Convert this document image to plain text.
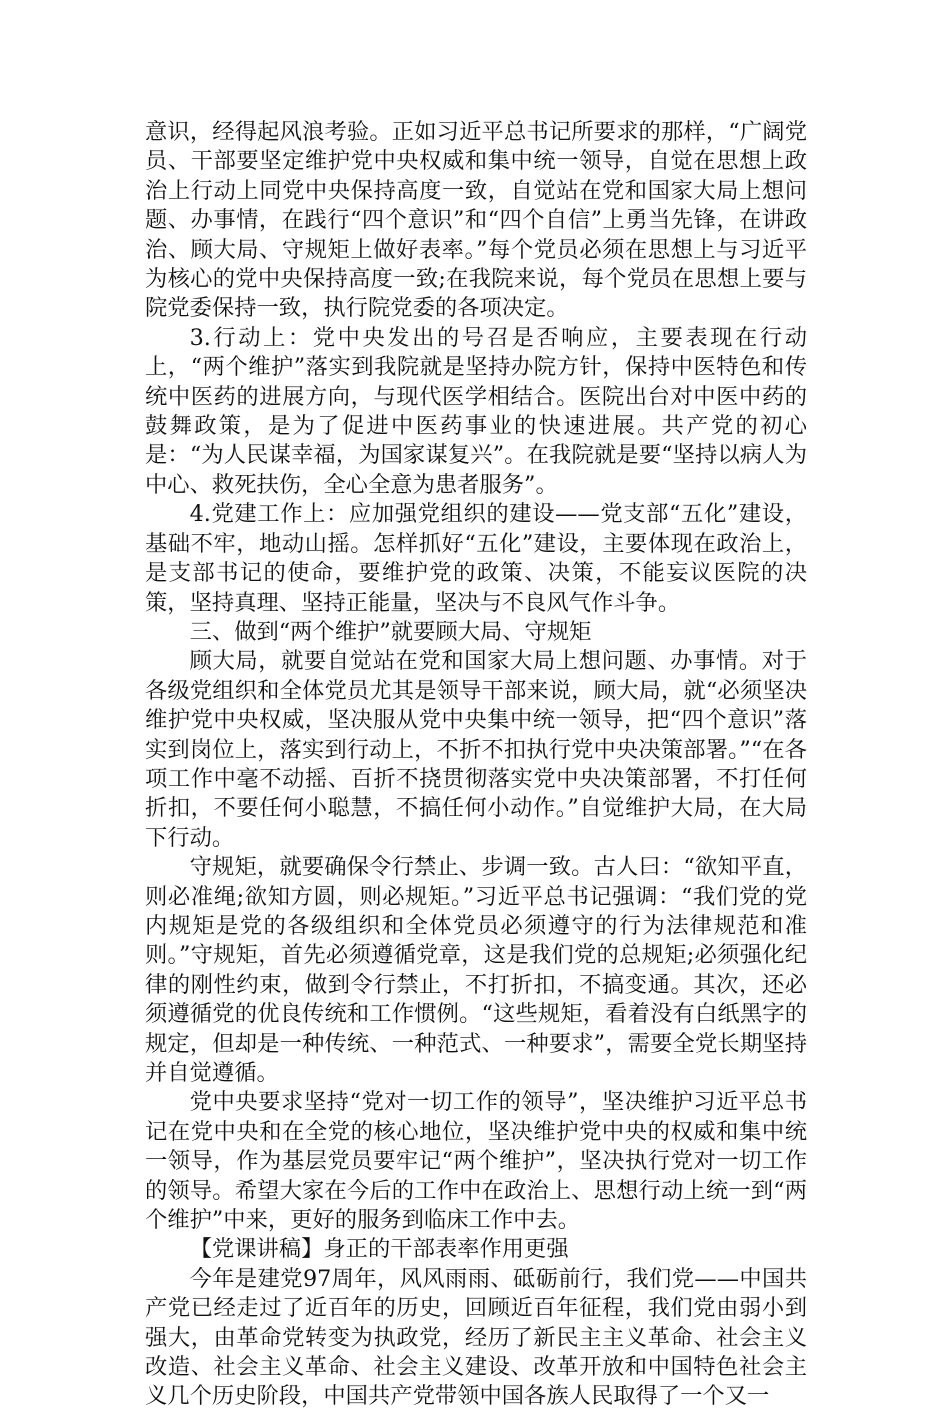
意识，经得起风浪考验。正如习近平总书记所要求的那样，“广阔党员、干部要坚定维护党中央权威和集中统一领导，自觉在思想上政治上行动上同党中央保持高度一致，自觉站在党和国家大局上想问题、办事情，在践行“四个意识”和“四个自信”上勇当先锋，在讲政治、顾大局、守规矩上做好表率。”每个党员必须在思想上与习近平为核心的党中央保持高度一致;在我院来说，每个党员在思想上要与院党委保持一致，执行院党委的各项决定。

3.行动上：党中央发出的号召是否响应，主要表现在行动上，“两个维护”落实到我院就是坚持办院方针，保持中医特色和传统中医药的进展方向，与现代医学相结合。医院出台对中医中药的鼓舞政策，是为了促进中医药事业的快速进展。共产党的初心是：“为人民谋幸福，为国家谋复兴”。在我院就是要“坚持以病人为中心、救死扶伤，全心全意为患者服务”。

4.党建工作上：应加强党组织的建设——党支部“五化”建设，基础不牢，地动山摇。怎样抓好“五化”建设，主要体现在政治上，是支部书记的使命，要维护党的政策、决策，不能妄议医院的决策，坚持真理、坚持正能量，坚决与不良风气作斗争。

三、做到“两个维护”就要顾大局、守规矩

顾大局，就要自觉站在党和国家大局上想问题、办事情。对于各级党组织和全体党员尤其是领导干部来说，顾大局，就“必须坚决维护党中央权威，坚决服从党中央集中统一领导，把“四个意识”落实到岗位上，落实到行动上，不折不扣执行党中央决策部署。”“在各项工作中毫不动摇、百折不挠贯彻落实党中央决策部署，不打任何折扣，不要任何小聪慧，不搞任何小动作。”自觉维护大局，在大局下行动。

守规矩，就要确保令行禁止、步调一致。古人曰：“欲知平直，则必准绳;欲知方圆，则必规矩。”习近平总书记强调：“我们党的党内规矩是党的各级组织和全体党员必须遵守的行为法律规范和准则。”守规矩，首先必须遵循党章，这是我们党的总规矩;必须强化纪律的刚性约束，做到令行禁止，不打折扣，不搞变通。其次，还必须遵循党的优良传统和工作惯例。“这些规矩，看着没有白纸黑字的规定，但却是一种传统、一种范式、一种要求”，需要全党长期坚持并自觉遵循。

党中央要求坚持“党对一切工作的领导”，坚决维护习近平总书记在党中央和在全党的核心地位，坚决维护党中央的权威和集中统一领导，作为基层党员要牢记“两个维护”，坚决执行党对一切工作的领导。希望大家在今后的工作中在政治上、思想行动上统一到“两个维护”中来，更好的服务到临床工作中去。

【党课讲稿】身正的干部表率作用更强

今年是建党97周年，风风雨雨、砥砺前行，我们党——中国共产党已经走过了近百年的历史，回顾近百年征程，我们党由弱小到强大，由革命党转变为执政党，经历了新民主主义革命、社会主义改造、社会主义革命、社会主义建设、改革开放和中国特色社会主义几个历史阶段，中国共产党带领中国各族人民取得了一个又一
